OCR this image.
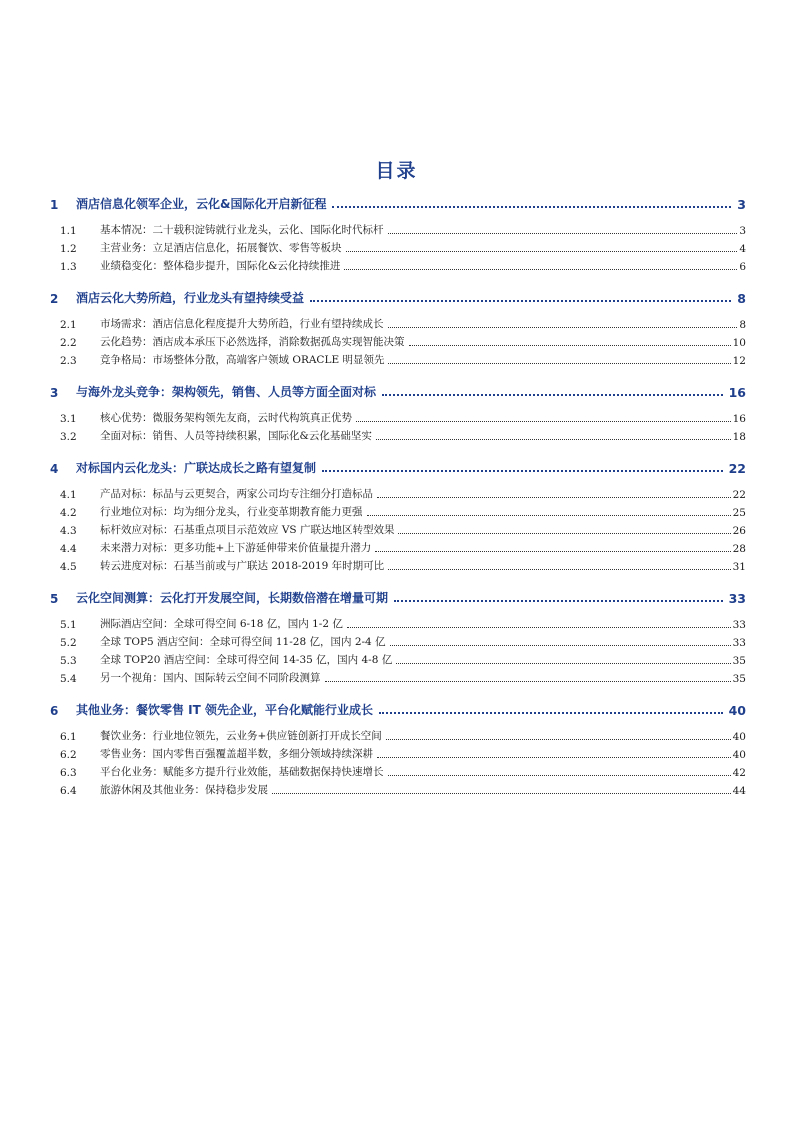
目录
1	酒店信息化领军企业，云化&国际化开启新征程	3
1.1	基本情况：二十载积淀铸就行业龙头，云化、国际化时代标杆	3
1.2	主营业务：立足酒店信息化，拓展餐饮、零售等板块	4
1.3	业绩稳变化：整体稳步提升，国际化&云化持续推进	6
2	酒店云化大势所趋，行业龙头有望持续受益	8
2.1	市场需求：酒店信息化程度提升大势所趋，行业有望持续成长	8
2.2	云化趋势：酒店成本承压下必然选择，消除数据孤岛实现智能决策	10
2.3	竞争格局：市场整体分散，高端客户领域 ORACLE 明显领先	12
3	与海外龙头竞争：架构领先，销售、人员等方面全面对标	16
3.1	核心优势：微服务架构领先友商，云时代构筑真正优势	16
3.2	全面对标：销售、人员等持续积累，国际化&云化基础坚实	18
4	对标国内云化龙头：广联达成长之路有望复制	22
4.1	产品对标：标品与云更契合，两家公司均专注细分打造标品	22
4.2	行业地位对标：均为细分龙头，行业变革期教育能力更强	25
4.3	标杆效应对标：石基重点项目示范效应 VS 广联达地区转型效果	26
4.4	未来潜力对标：更多功能+上下游延伸带来价值量提升潜力	28
4.5	转云进度对标：石基当前或与广联达 2018-2019 年时期可比	31
5	云化空间测算：云化打开发展空间，长期数倍潜在增量可期	33
5.1	洲际酒店空间：全球可得空间 6-18 亿，国内 1-2 亿	33
5.2	全球 TOP5 酒店空间：全球可得空间 11-28 亿，国内 2-4 亿	33
5.3	全球 TOP20 酒店空间：全球可得空间 14-35 亿，国内 4-8 亿	35
5.4	另一个视角：国内、国际转云空间不同阶段测算	35
6	其他业务：餐饮零售 IT 领先企业，平台化赋能行业成长	40
6.1	餐饮业务：行业地位领先，云业务+供应链创新打开成长空间	40
6.2	零售业务：国内零售百强覆盖超半数，多细分领域持续深耕	40
6.3	平台化业务：赋能多方提升行业效能，基础数据保持快速增长	42
6.4	旅游休闲及其他业务：保持稳步发展	44
